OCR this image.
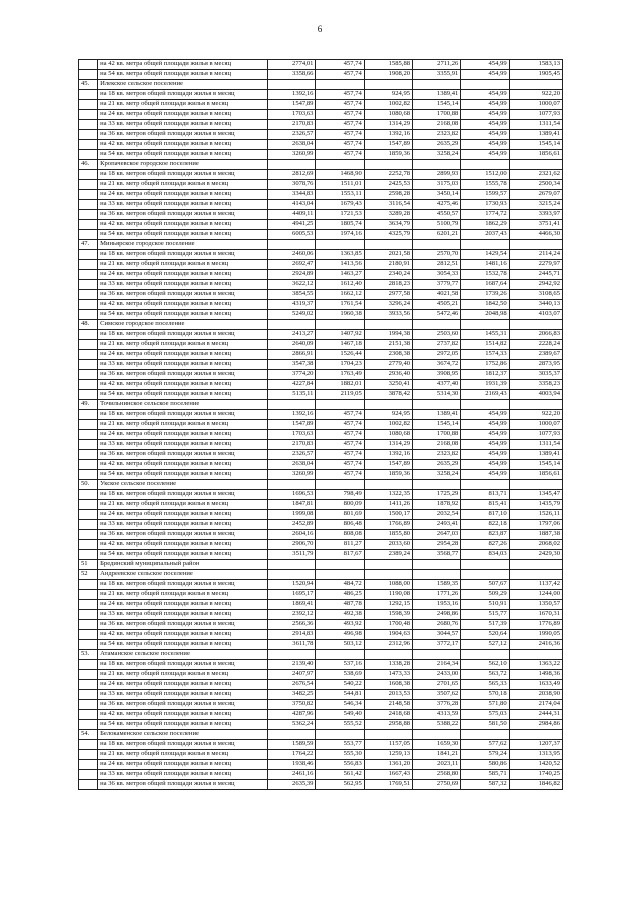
6
	на 42 кв. метра общей площади жилья в месяц	2774,01	457,74	1585,88	2711,26	454,99	1583,13
	на 54 кв. метра общей площади жилья в месяц	3358,66	457,74	1908,20	3355,91	454,99	1905,45
45.	Илекское сельское поселение						
	на 18 кв. метров общей площади жилья в месяц	1392,16	457,74	924,95	1389,41	454,99	922,20
	на 21 кв. метр общей площади жилья в месяц	1547,89	457,74	1002,82	1545,14	454,99	1000,07
	на 24 кв. метра общей площади жилья в месяц	1703,63	457,74	1080,68	1700,88	454,99	1077,93
	на 33 кв. метра общей площади жилья в месяц	2170,83	457,74	1314,29	2168,08	454,99	1311,54
	на 36 кв. метров общей площади жилья в месяц	2326,57	457,74	1392,16	2323,82	454,99	1389,41
	на 42 кв. метра общей площади жилья в месяц	2638,04	457,74	1547,89	2635,29	454,99	1545,14
	на 54 кв. метра общей площади жилья в месяц	3260,99	457,74	1859,36	3258,24	454,99	1856,61
46.	Кропачевское городское поселение						
	на 18 кв. метров общей площади жилья в месяц	2812,69	1468,90	2252,78	2899,93	1512,00	2321,62
	на 21 кв. метр общей площади жилья в месяц	3078,76	1511,01	2425,53	3175,03	1555,78	2500,34
	на 24 кв. метра общей площади жилья в месяц	3344,83	1553,11	2598,28	3450,14	1599,57	2679,07
	на 33 кв. метра общей площади жилья в месяц	4143,04	1679,43	3116,54	4275,46	1730,93	3215,24
	на 36 кв. метров общей площади жилья в месяц	4409,11	1721,53	3289,28	4550,57	1774,72	3393,97
	на 42 кв. метра общей площади жилья в месяц	4941,25	1805,74	3634,79	5100,79	1862,29	3751,41
	на 54 кв. метра общей площади жилья в месяц	6005,53	1974,16	4325,79	6201,21	2037,43	4466,30
47.	Миньярское городское поселение						
	на 18 кв. метров общей площади жилья в месяц	2460,06	1363,85	2021,58	2570,70	1429,54	2114,24
	на 21 кв. метр общей площади жилья в месяц	2692,47	1413,56	2180,91	2812,51	1481,16	2279,97
	на 24 кв. метра общей площади жилья в месяц	2924,89	1463,27	2340,24	3054,33	1532,78	2445,71
	на 33 кв. метра общей площади жилья в месяц	3622,12	1612,40	2818,23	3779,77	1687,64	2942,92
	на 36 кв. метров общей площади жилья в месяц	3854,55	1662,12	2977,58	4021,58	1739,26	3108,65
	на 42 кв. метра общей площади жилья в месяц	4319,37	1761,54	3296,24	4505,21	1842,50	3440,13
	на 54 кв. метра общей площади жилья в месяц	5249,02	1960,38	3933,56	5472,46	2048,98	4103,07
48.	Симское городское поселение						
	на 18 кв. метров общей площади жилья в месяц	2413,27	1407,92	1994,38	2503,60	1455,31	2066,83
	на 21 кв. метр общей площади жилья в месяц	2640,09	1467,18	2151,38	2737,82	1514,82	2228,24
	на 24 кв. метра общей площади жилья в месяц	2866,91	1526,44	2308,38	2972,05	1574,33	2389,67
	на 33 кв. метра общей площади жилья в месяц	3547,38	1704,23	2779,40	3674,72	1752,86	2873,95
	на 36 кв. метров общей площади жилья в месяц	3774,20	1763,49	2936,40	3908,95	1812,37	3035,37
	на 42 кв. метра общей площади жилья в месяц	4227,84	1882,01	3250,41	4377,40	1931,39	3358,23
	на 54 кв. метра общей площади жилья в месяц	5135,11	2119,05	3878,42	5314,30	2169,43	4003,94
49.	Точильнинское сельское поселение						
	на 18 кв. метров общей площади жилья в месяц	1392,16	457,74	924,95	1389,41	454,99	922,20
	на 21 кв. метр общей площади жилья в месяц	1547,89	457,74	1002,82	1545,14	454,99	1000,07
	на 24 кв. метра общей площади жилья в месяц	1703,63	457,74	1080,68	1700,88	454,99	1077,93
	на 33 кв. метра общей площади жилья в месяц	2170,83	457,74	1314,29	2168,08	454,99	1311,54
	на 36 кв. метров общей площади жилья в месяц	2326,57	457,74	1392,16	2323,82	454,99	1389,41
	на 42 кв. метра общей площади жилья в месяц	2638,04	457,74	1547,89	2635,29	454,99	1545,14
	на 54 кв. метра общей площади жилья в месяц	3260,99	457,74	1859,36	3258,24	454,99	1856,61
50.	Укское сельское поселение						
	на 18 кв. метров общей площади жилья в месяц	1696,53	798,49	1322,35	1725,29	813,71	1345,47
	на 21 кв. метр общей площади жилья в месяц	1847,81	800,09	1411,26	1878,92	815,41	1435,79
	на 24 кв. метра общей площади жилья в месяц	1999,08	801,69	1500,17	2032,54	817,10	1526,11
	на 33 кв. метра общей площади жилья в месяц	2452,89	806,48	1766,89	2493,41	822,18	1797,06
	на 36 кв. метров общей площади жилья в месяц	2604,16	808,08	1855,80	2647,03	823,87	1887,38
	на 42 кв. метра общей площади жилья в месяц	2906,70	811,27	2033,60	2954,28	827,26	2068,02
	на 54 кв. метра общей площади жилья в месяц	3511,79	817,67	2389,24	3568,77	834,03	2429,30
51	Брединский муниципальный район						
52	Андреевское сельское поселение						
	на 18 кв. метров общей площади жилья в месяц	1520,94	484,72	1088,00	1589,35	507,67	1137,42
	на 21 кв. метр общей площади жилья в месяц	1695,17	486,25	1190,08	1771,26	509,29	1244,00
	на 24 кв. метра общей площади жилья в месяц	1869,41	487,78	1292,15	1953,16	510,91	1350,57
	на 33 кв. метра общей площади жилья в месяц	2392,12	492,38	1598,39	2498,86	515,77	1670,31
	на 36 кв. метров общей площади жилья в месяц	2566,36	493,92	1700,48	2680,76	517,39	1776,89
	на 42 кв. метра общей площади жилья в месяц	2914,83	496,98	1904,63	3044,57	520,64	1990,05
	на 54 кв. метра общей площади жилья в месяц	3611,78	503,12	2312,96	3772,17	527,12	2416,36
53.	Атаманское сельское поселение						
	на 18 кв. метров общей площади жилья в месяц	2139,40	537,16	1338,28	2164,34	562,10	1363,22
	на 21 кв. метр общей площади жилья в месяц	2407,97	538,69	1473,33	2433,00	563,72	1498,36
	на 24 кв. метра общей площади жилья в месяц	2676,54	540,22	1608,38	2701,65	565,33	1633,49
	на 33 кв. метра общей площади жилья в месяц	3482,25	544,81	2013,53	3507,62	570,18	2038,90
	на 36 кв. метров общей площади жилья в месяц	3750,82	546,34	2148,58	3776,28	571,80	2174,04
	на 42 кв. метра общей площади жилья в месяц	4287,96	549,40	2418,68	4313,59	575,03	2444,31
	на 54 кв. метра общей площади жилья в месяц	5362,24	555,52	2958,88	5388,22	581,50	2984,86
54.	Белокаменское сельское поселение						
	на 18 кв. метров общей площади жилья в месяц	1589,59	553,77	1157,05	1659,30	577,62	1207,37
	на 21 кв. метр общей площади жилья в месяц	1764,22	555,30	1259,13	1841,21	579,24	1313,95
	на 24 кв. метра общей площади жилья в месяц	1938,46	556,83	1361,20	2023,11	580,86	1420,52
	на 33 кв. метра общей площади жилья в месяц	2461,16	561,42	1667,43	2568,80	585,71	1740,25
	на 36 кв. метров общей площади жилья в месяц	2635,39	562,95	1769,51	2750,69	587,32	1846,82
